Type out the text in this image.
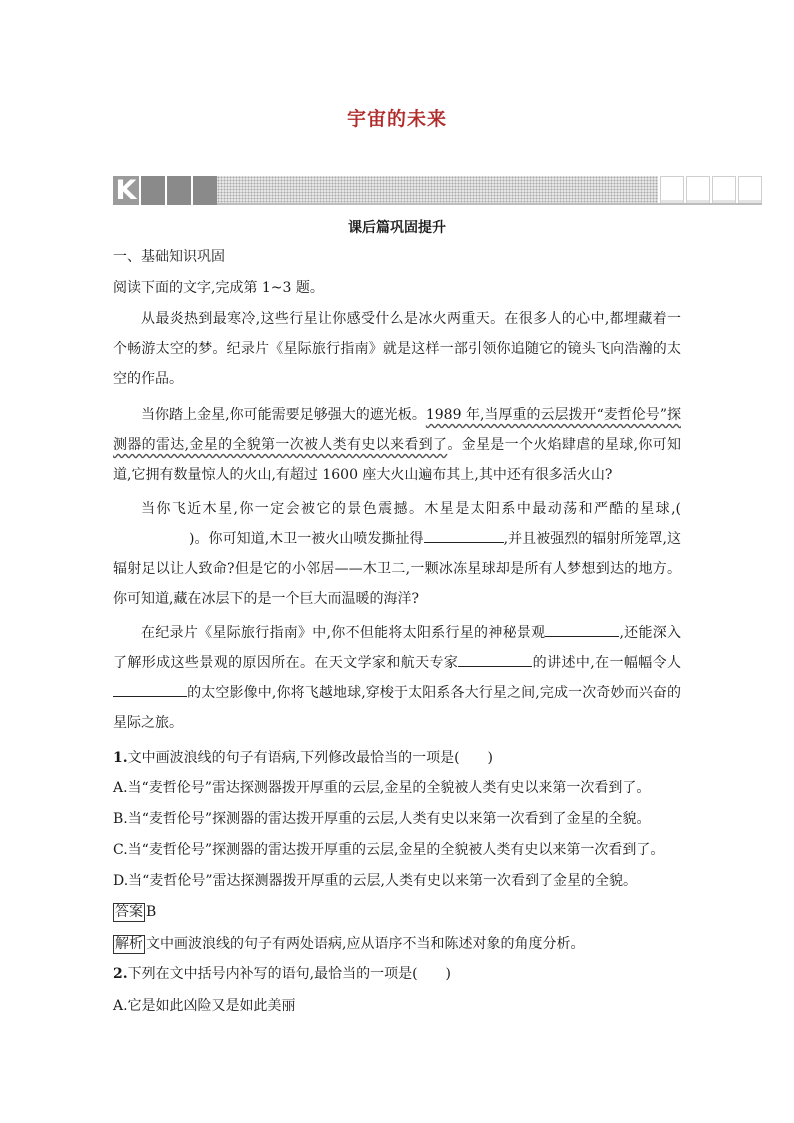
宇宙的未来
K
课后篇巩固提升
一、基础知识巩固
阅读下面的文字,完成第 1~3 题。
从最炎热到最寒冷,这些行星让你感受什么是冰火两重天。在很多人的心中,都埋藏着一个畅游太空的梦。纪录片《星际旅行指南》就是这样一部引领你追随它的镜头飞向浩瀚的太空的作品。
当你踏上金星,你可能需要足够强大的遮光板。1989 年,当厚重的云层拨开“麦哲伦号”探测器的雷达,金星的全貌第一次被人类有史以来看到了。金星是一个火焰肆虐的星球,你可知道,它拥有数量惊人的火山,有超过 1600 座大火山遍布其上,其中还有很多活火山?
当你飞近木星,你一定会被它的景色震撼。木星是太阳系中最动荡和严酷的星球,()。你可知道,木卫一被火山喷发撕扯得	,并且被强烈的辐射所笼罩,这辐射足以让人致命?但是它的小邻居——木卫二,一颗冰冻星球却是所有人梦想到达的地方。你可知道,藏在冰层下的是一个巨大而温暖的海洋?
在纪录片《星际旅行指南》中,你不但能将太阳系行星的神秘景观	,还能深入了解形成这些景观的原因所在。在天文学家和航天专家	的讲述中,在一幅幅令人的太空影像中,你将飞越地球,穿梭于太阳系各大行星之间,完成一次奇妙而兴奋的星际之旅。
1.文中画波浪线的句子有语病,下列修改最恰当的一项是(　　)
A.当“麦哲伦号”雷达探测器拨开厚重的云层,金星的全貌被人类有史以来第一次看到了。
B.当“麦哲伦号”探测器的雷达拨开厚重的云层,人类有史以来第一次看到了金星的全貌。
C.当“麦哲伦号”探测器的雷达拨开厚重的云层,金星的全貌被人类有史以来第一次看到了。
D.当“麦哲伦号”雷达探测器拨开厚重的云层,人类有史以来第一次看到了金星的全貌。
答案 B
解析 文中画波浪线的句子有两处语病,应从语序不当和陈述对象的角度分析。
2.下列在文中括号内补写的语句,最恰当的一项是(　　)
A.它是如此凶险又是如此美丽
